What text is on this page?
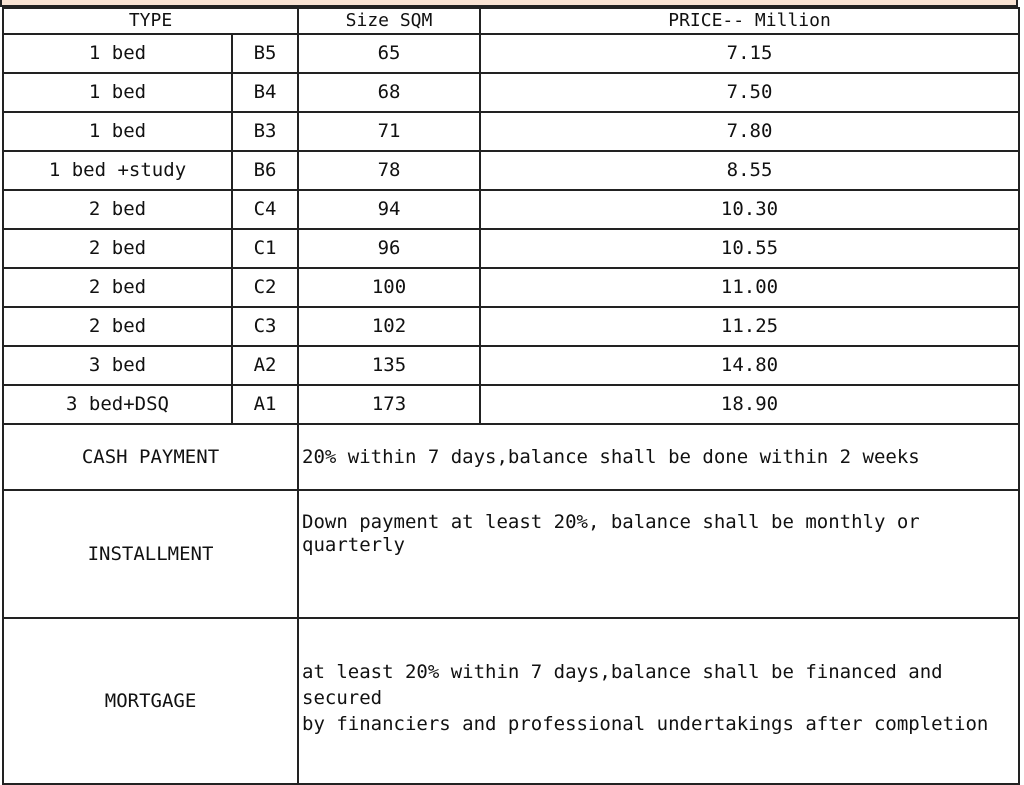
TYPE		Size SQM	PRICE-- Million
1 bed	B5	65	7.15
1 bed	B4	68	7.50
1 bed	B3	71	7.80
1 bed +study	B6	78	8.55
2 bed	C4	94	10.30
2 bed	C1	96	10.55
2 bed	C2	100	11.00
2 bed	C3	102	11.25
3 bed	A2	135	14.80
3 bed+DSQ	A1	173	18.90
CASH PAYMENT		20% within 7 days,balance shall be done within 2 weeks	
INSTALLMENT		Down payment at least 20%, balance shall be monthly or quarterly	
MORTGAGE		at least 20% within 7 days,balance shall be financed and secured
by financiers and professional undertakings after completion	
